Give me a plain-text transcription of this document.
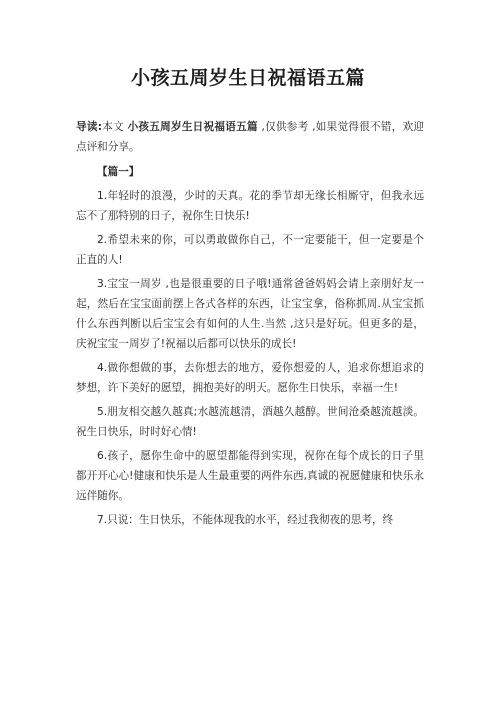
小孩五周岁生日祝福语五篇

导读:本文 小孩五周岁生日祝福语五篇 ,仅供参考 ,如果觉得很不错，欢迎点评和分享。

【篇一】

1.年轻时的浪漫，少时的天真。花的季节却无缘长相厮守，但我永远忘不了那特别的日子，祝你生日快乐!

2.希望未来的你，可以勇敢做你自己，不一定要能干，但一定要是个正直的人!

3.宝宝一周岁 ,也是很重要的日子哦!通常爸爸妈妈会请上亲朋好友一起，然后在宝宝面前摆上各式各样的东西，让宝宝拿，俗称抓周.从宝宝抓什么东西判断以后宝宝会有如何的人生.当然 ,这只是好玩。但更多的是，庆祝宝宝一周岁了!祝福以后都可以快乐的成长!

4.做你想做的事，去你想去的地方，爱你想爱的人，追求你想追求的梦想，许下美好的愿望，拥抱美好的明天。愿你生日快乐，幸福一生!

5.朋友相交越久越真;水越流越清，酒越久越醇。世间沧桑越流越淡。祝生日快乐，时时好心情!

6.孩子，愿你生命中的愿望都能得到实现，祝你在每个成长的日子里都开开心心!健康和快乐是人生最重要的两件东西,真诚的祝愿健康和快乐永远伴随你。

7.只说：生日快乐，不能体现我的水平，经过我彻夜的思考，终
